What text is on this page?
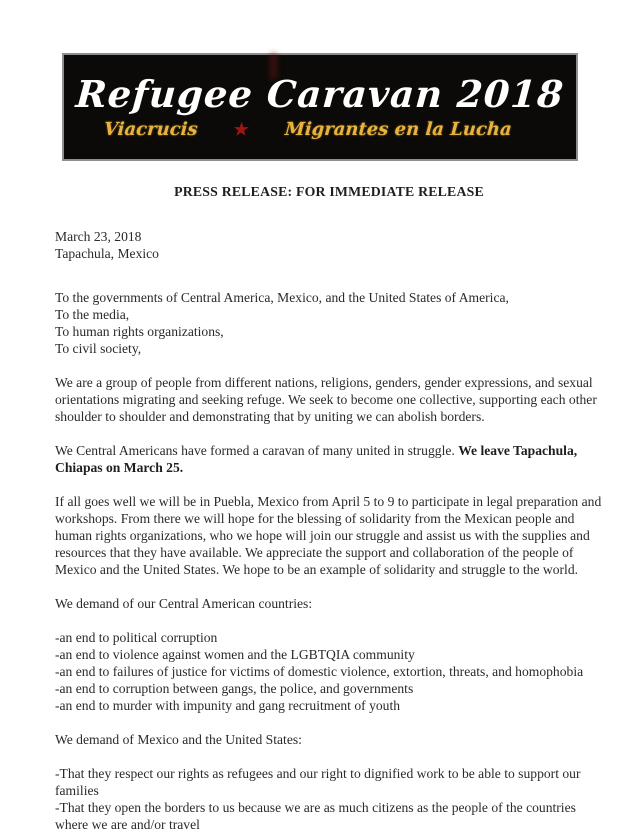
Refugee Caravan 2018
Viacrucis ★ Migrantes en la Lucha

PRESS RELEASE: FOR IMMEDIATE RELEASE

March 23, 2018

Tapachula, Mexico

To the governments of Central America, Mexico, and the United States of America,

To the media,

To human rights organizations,

To civil society,

We are a group of people from different nations, religions, genders, gender expressions, and sexual orientations migrating and seeking refuge. We seek to become one collective, supporting each other shoulder to shoulder and demonstrating that by uniting we can abolish borders.

We Central Americans have formed a caravan of many united in struggle. We leave Tapachula, Chiapas on March 25.

If all goes well we will be in Puebla, Mexico from April 5 to 9 to participate in legal preparation and workshops. From there we will hope for the blessing of solidarity from the Mexican people and human rights organizations, who we hope will join our struggle and assist us with the supplies and resources that they have available. We appreciate the support and collaboration of the people of Mexico and the United States. We hope to be an example of solidarity and struggle to the world.

We demand of our Central American countries:

-an end to political corruption

-an end to violence against women and the LGBTQIA community

-an end to failures of justice for victims of domestic violence, extortion, threats, and homophobia

-an end to corruption between gangs, the police, and governments

-an end to murder with impunity and gang recruitment of youth

We demand of Mexico and the United States:

-That they respect our rights as refugees and our right to dignified work to be able to support our families

-That they open the borders to us because we are as much citizens as the people of the countries where we are and/or travel
